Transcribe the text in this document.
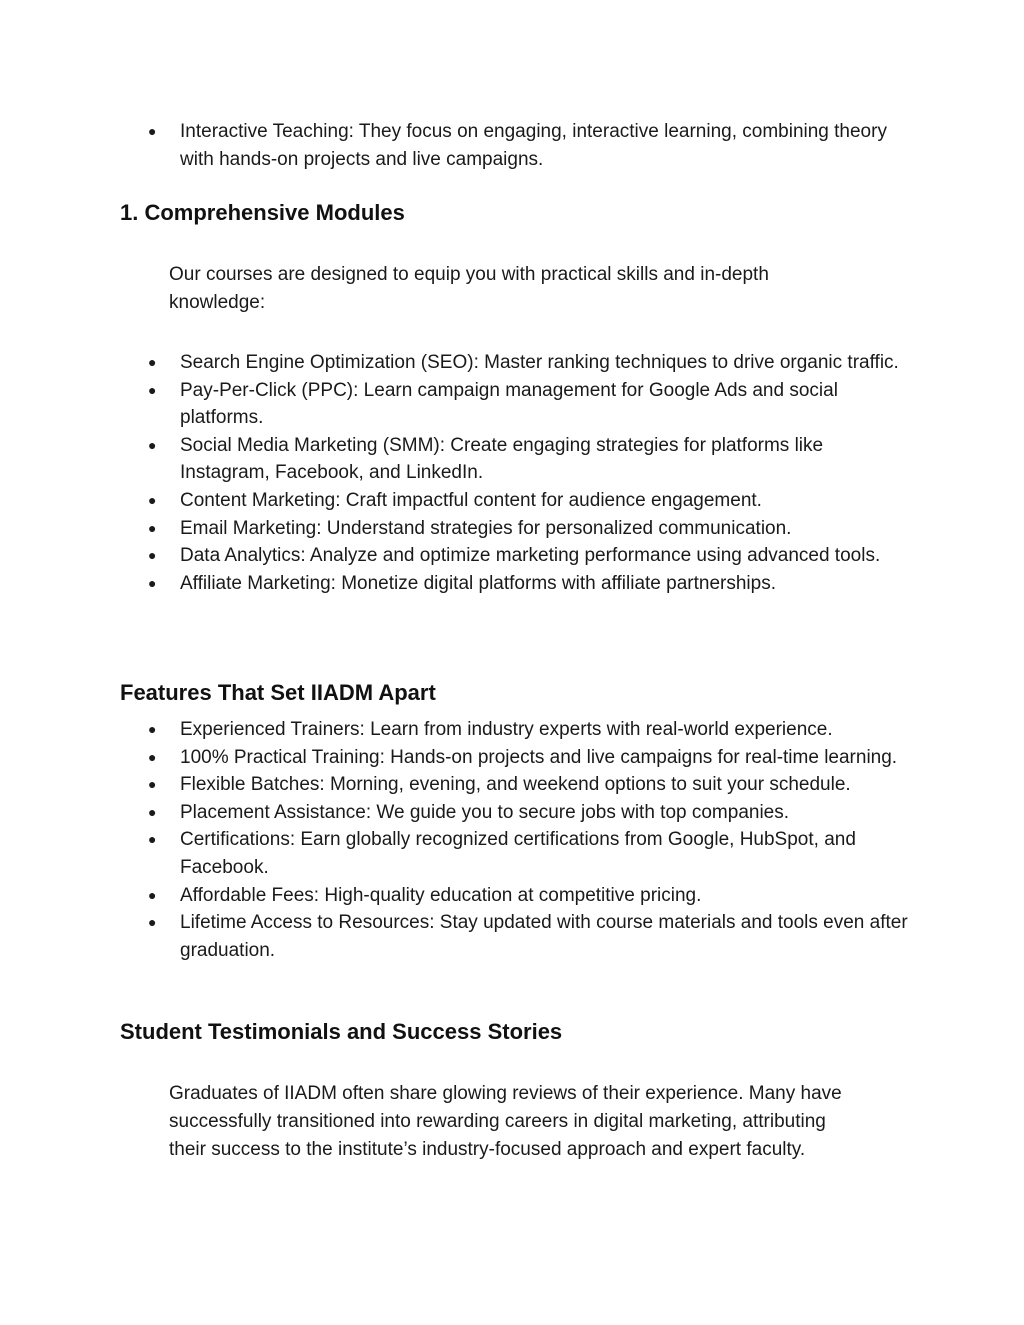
● Interactive Teaching: They focus on engaging, interactive learning, combining theory with hands-on projects and live campaigns.
1. Comprehensive Modules

Our courses are designed to equip you with practical skills and in-depth knowledge:

● Search Engine Optimization (SEO): Master ranking techniques to drive organic traffic.
● Pay-Per-Click (PPC): Learn campaign management for Google Ads and social platforms.
● Social Media Marketing (SMM): Create engaging strategies for platforms like Instagram, Facebook, and LinkedIn.
● Content Marketing: Craft impactful content for audience engagement.
● Email Marketing: Understand strategies for personalized communication.
● Data Analytics: Analyze and optimize marketing performance using advanced tools.
● Affiliate Marketing: Monetize digital platforms with affiliate partnerships.
Features That Set IIADM Apart
● Experienced Trainers: Learn from industry experts with real-world experience.
● 100% Practical Training: Hands-on projects and live campaigns for real-time learning.
● Flexible Batches: Morning, evening, and weekend options to suit your schedule.
● Placement Assistance: We guide you to secure jobs with top companies.
● Certifications: Earn globally recognized certifications from Google, HubSpot, and Facebook.
● Affordable Fees: High-quality education at competitive pricing.
● Lifetime Access to Resources: Stay updated with course materials and tools even after graduation.
Student Testimonials and Success Stories

Graduates of IIADM often share glowing reviews of their experience. Many have successfully transitioned into rewarding careers in digital marketing, attributing their success to the institute’s industry-focused approach and expert faculty.
